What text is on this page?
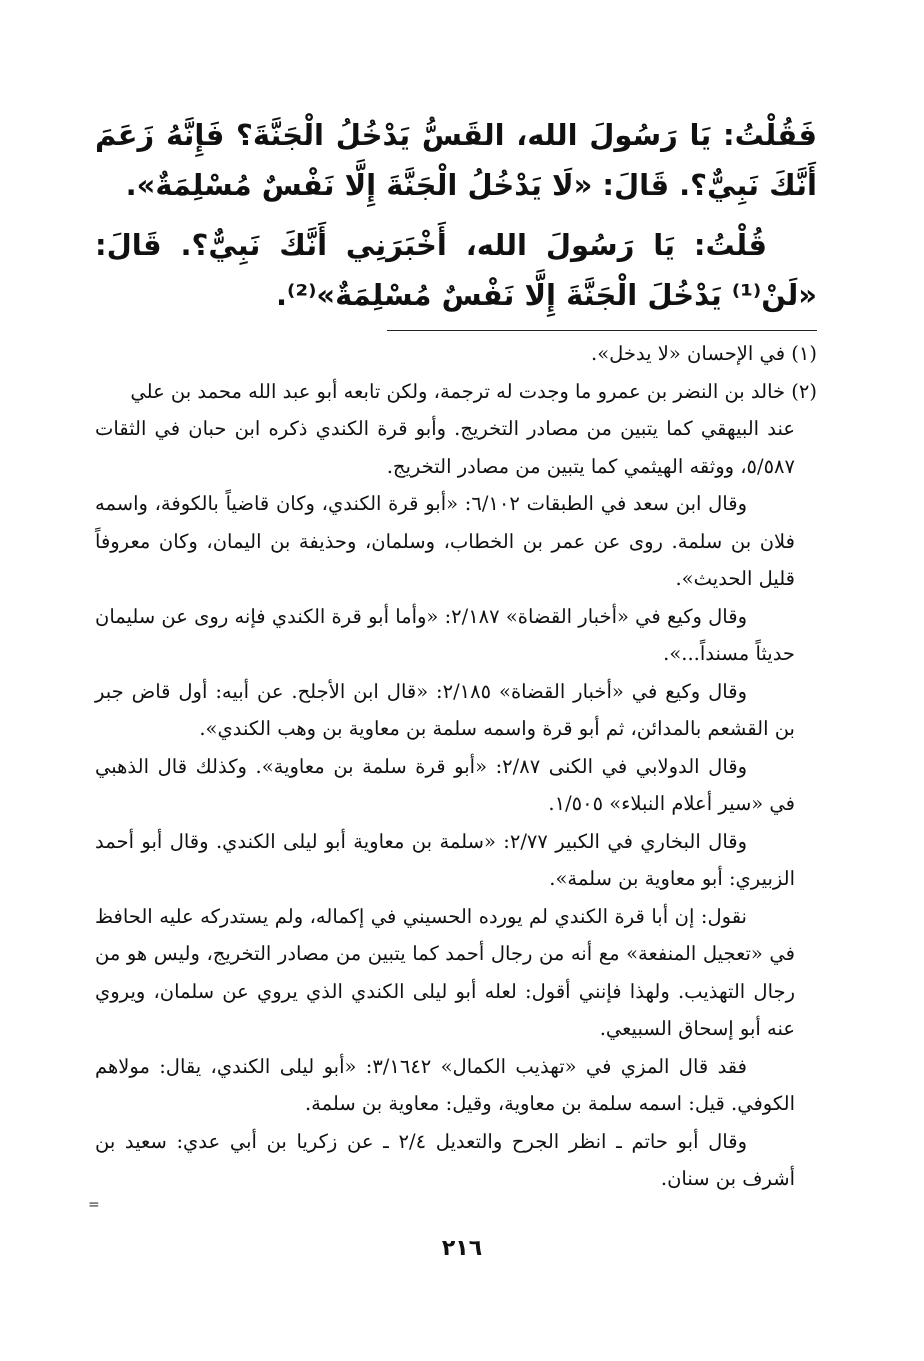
فَقُلْتُ: يَا رَسُولَ الله، القَسُّ يَدْخُلُ الْجَنَّةَ؟ فَإِنَّهُ زَعَمَ أَنَّكَ نَبِيٌّ؟. قَالَ: «لَا يَدْخُلُ الْجَنَّةَ إِلَّا نَفْسٌ مُسْلِمَةٌ».

قُلْتُ: يَا رَسُولَ الله، أَخْبَرَنِي أَنَّكَ نَبِيٌّ؟. قَالَ: «لَنْ⁽¹⁾ يَدْخُلَ الْجَنَّةَ إِلَّا نَفْسٌ مُسْلِمَةٌ»⁽²⁾.

(١) في الإحسان «لا يدخل».

(٢) خالد بن النضر بن عمرو ما وجدت له ترجمة، ولكن تابعه أبو عبد الله محمد بن علي

عند البيهقي كما يتبين من مصادر التخريج. وأبو قرة الكندي ذكره ابن حبان في الثقات ٥/٥٨٧، ووثقه الهيثمي كما يتبين من مصادر التخريج.

وقال ابن سعد في الطبقات ٦/١٠٢: «أبو قرة الكندي، وكان قاضياً بالكوفة، واسمه فلان بن سلمة. روى عن عمر بن الخطاب، وسلمان، وحذيفة بن اليمان، وكان معروفاً قليل الحديث».

وقال وكيع في «أخبار القضاة» ٢/١٨٧: «وأما أبو قرة الكندي فإنه روى عن سليمان حديثاً مسنداً...».

وقال وكيع في «أخبار القضاة» ٢/١٨٥: «قال ابن الأجلح. عن أبيه: أول قاض جبر بن القشعم بالمدائن، ثم أبو قرة واسمه سلمة بن معاوية بن وهب الكندي».

وقال الدولابي في الكنى ٢/٨٧: «أبو قرة سلمة بن معاوية». وكذلك قال الذهبي في «سير أعلام النبلاء» ١/٥٠٥.

وقال البخاري في الكبير ٢/٧٧: «سلمة بن معاوية أبو ليلى الكندي. وقال أبو أحمد الزبيري: أبو معاوية بن سلمة».

نقول: إن أبا قرة الكندي لم يورده الحسيني في إكماله، ولم يستدركه عليه الحافظ في «تعجيل المنفعة» مع أنه من رجال أحمد كما يتبين من مصادر التخريج، وليس هو من رجال التهذيب. ولهذا فإنني أقول: لعله أبو ليلى الكندي الذي يروي عن سلمان، ويروي عنه أبو إسحاق السبيعي.

فقد قال المزي في «تهذيب الكمال» ٣/١٦٤٢: «أبو ليلى الكندي، يقال: مولاهم الكوفي. قيل: اسمه سلمة بن معاوية، وقيل: معاوية بن سلمة.

وقال أبو حاتم ـ انظر الجرح والتعديل ٢/٤ ـ عن زكريا بن أبي عدي: سعيد بن أشرف بن سنان.

=
٢١٦
